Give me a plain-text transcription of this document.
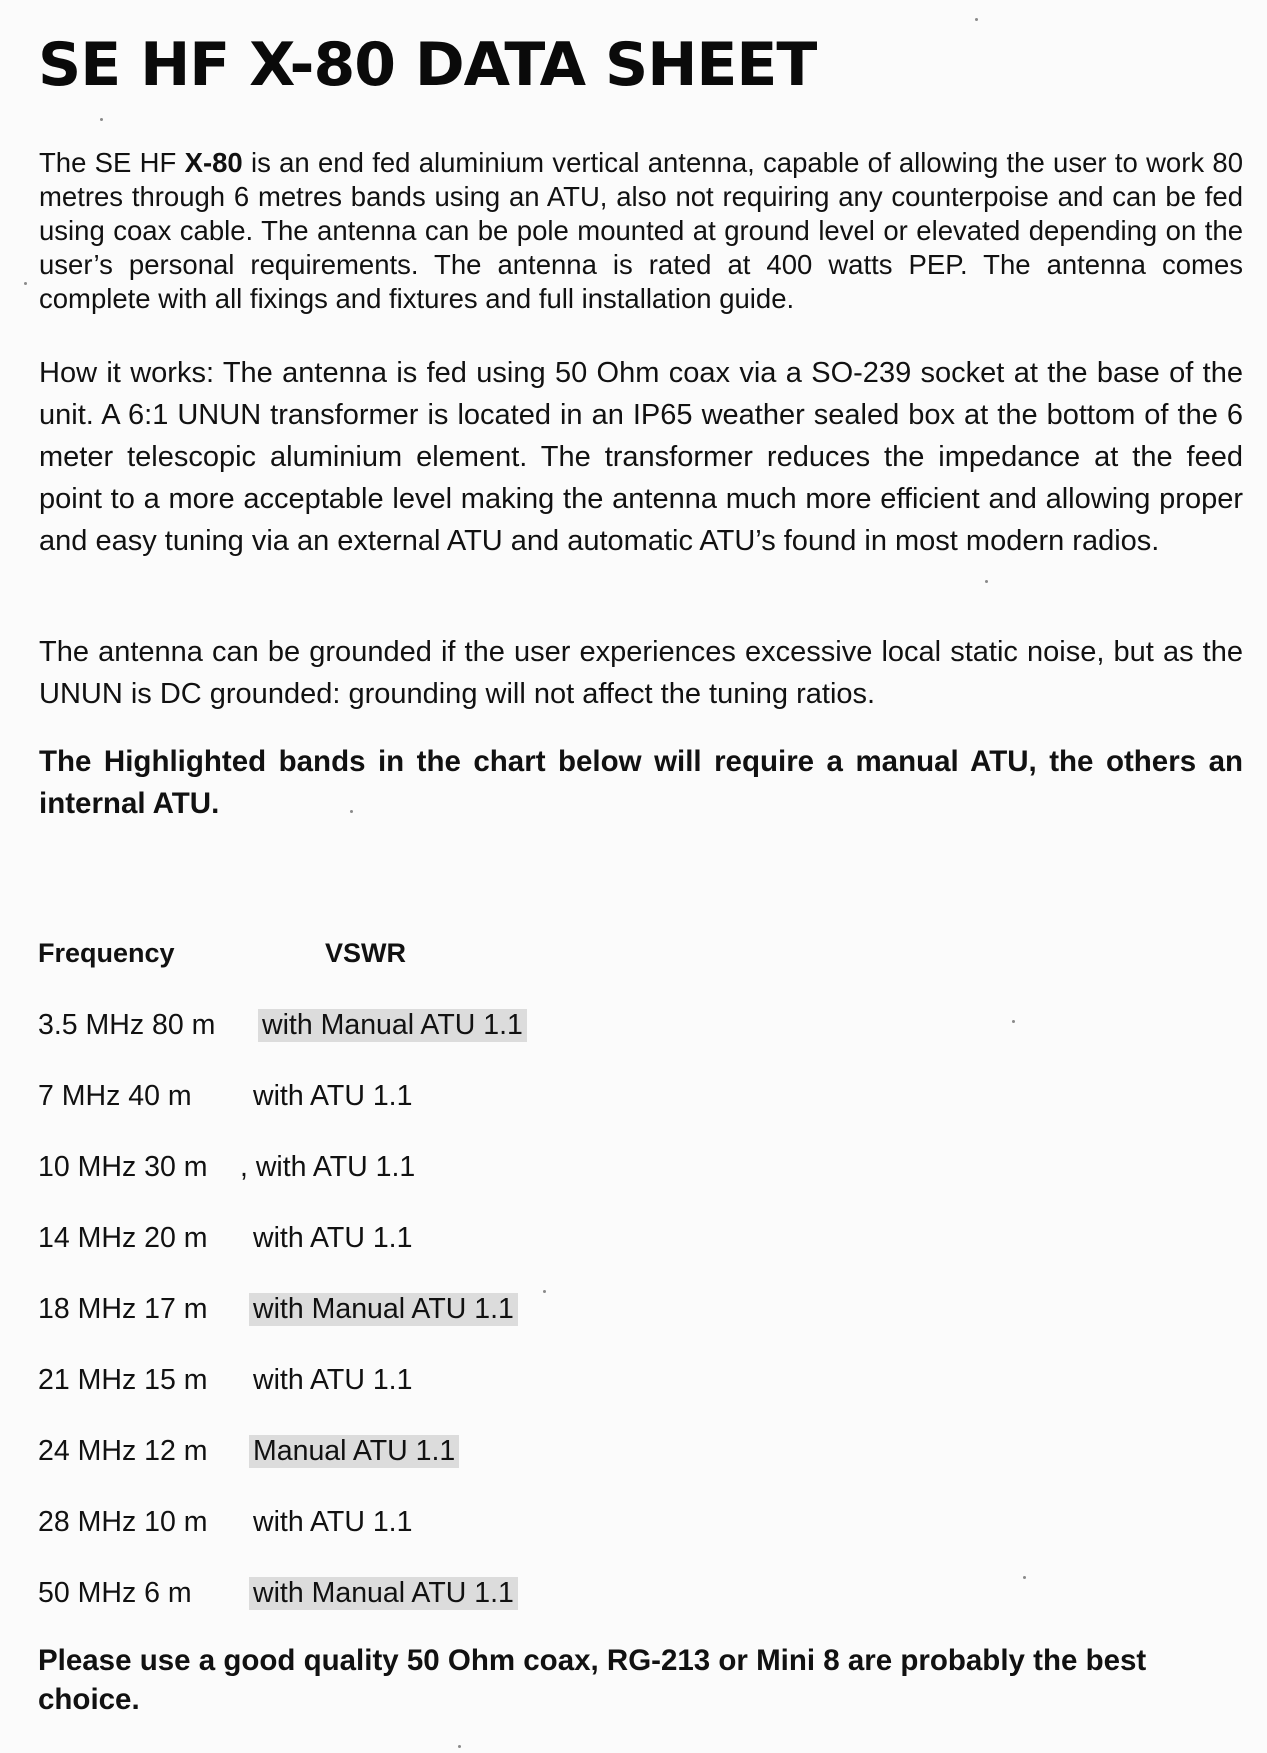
SE HF X-80 DATA SHEET

The SE HF X-80 is an end fed aluminium vertical antenna, capable of allowing the user to work 80 metres through 6 metres bands using an ATU, also not requiring any counterpoise and can be fed using coax cable. The antenna can be pole mounted at ground level or elevated depending on the user’s personal requirements. The antenna is rated at 400 watts PEP. The antenna comes complete with all fixings and fixtures and full installation guide.

How it works: The antenna is fed using 50 Ohm coax via a SO-239 socket at the base of the unit. A 6:1 UNUN transformer is located in an IP65 weather sealed box at the bottom of the 6 meter telescopic aluminium element. The transformer reduces the impedance at the feed point to a more acceptable level making the antenna much more efficient and allowing proper and easy tuning via an external ATU and automatic ATU’s found in most modern radios.

The antenna can be grounded if the user experiences excessive local static noise, but as the UNUN is DC grounded: grounding will not affect the tuning ratios.

The Highlighted bands in the chart below will require a manual ATU, the others an internal ATU.

Frequency	VSWR
3.5 MHz 80 m with Manual ATU 1.1
7 MHz 40 m with ATU 1.1
10 MHz 30 m , with ATU 1.1
14 MHz 20 m with ATU 1.1
18 MHz 17 m with Manual ATU 1.1
21 MHz 15 m with ATU 1.1
24 MHz 12 m Manual ATU 1.1
28 MHz 10 m with ATU 1.1
50 MHz 6 m with Manual ATU 1.1

Please use a good quality 50 Ohm coax, RG-213 or Mini 8 are probably the best choice.
